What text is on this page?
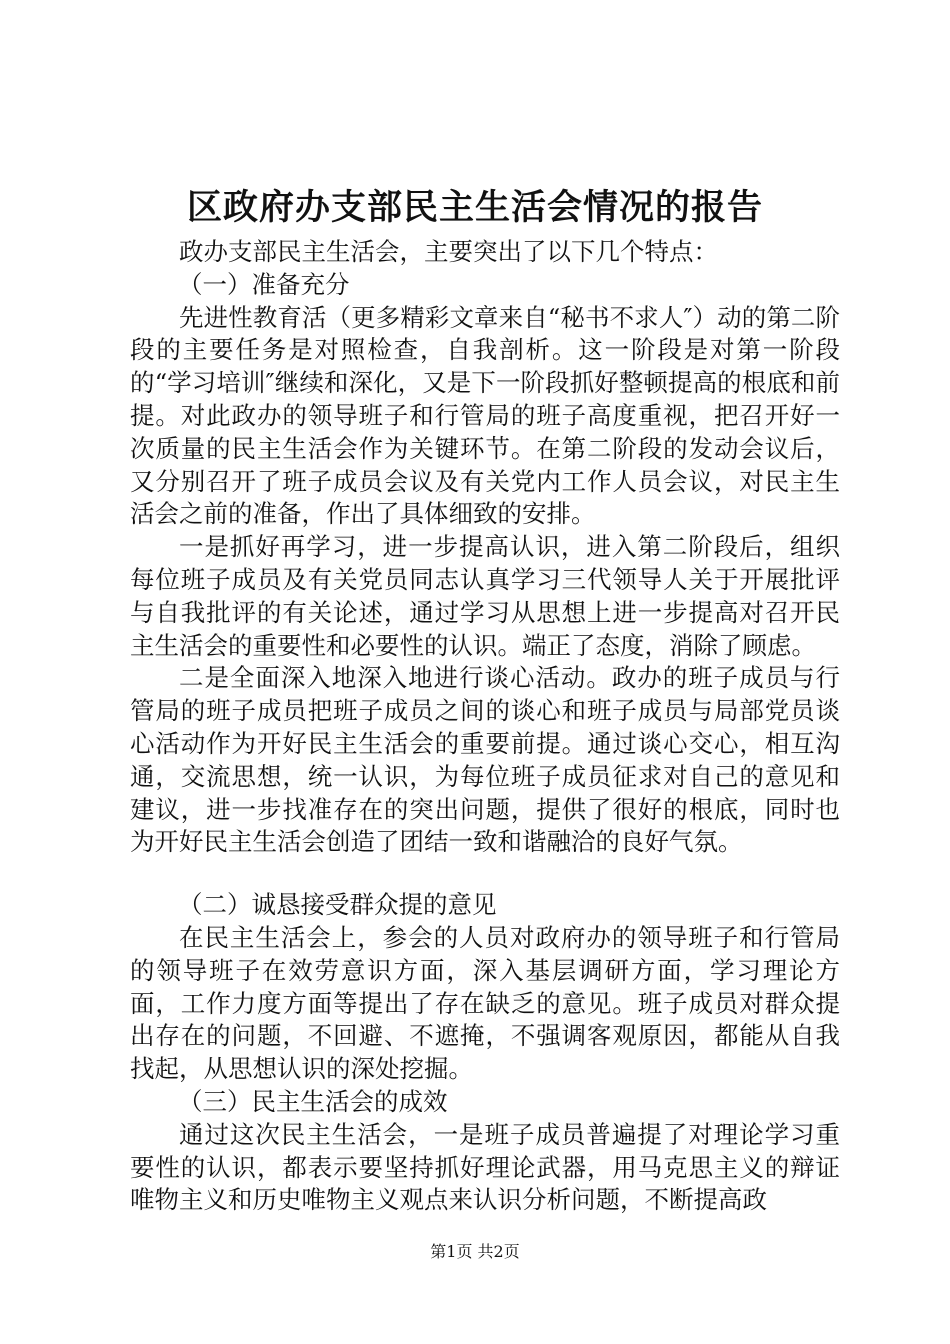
区政府办支部民主生活会情况的报告

政办支部民主生活会，主要突出了以下几个特点：

（一）准备充分

先进性教育活（更多精彩文章来自“秘书不求人″）动的第二阶段的主要任务是对照检查，自我剖析。这一阶段是对第一阶段的“学习培训″继续和深化，又是下一阶段抓好整顿提高的根底和前提。对此政办的领导班子和行管局的班子高度重视，把召开好一次质量的民主生活会作为关键环节。在第二阶段的发动会议后，又分别召开了班子成员会议及有关党内工作人员会议，对民主生活会之前的准备，作出了具体细致的安排。

一是抓好再学习，进一步提高认识，进入第二阶段后，组织每位班子成员及有关党员同志认真学习三代领导人关于开展批评与自我批评的有关论述，通过学习从思想上进一步提高对召开民主生活会的重要性和必要性的认识。端正了态度，消除了顾虑。

二是全面深入地深入地进行谈心活动。政办的班子成员与行管局的班子成员把班子成员之间的谈心和班子成员与局部党员谈心活动作为开好民主生活会的重要前提。通过谈心交心，相互沟通，交流思想，统一认识，为每位班子成员征求对自己的意见和建议，进一步找准存在的突出问题，提供了很好的根底，同时也为开好民主生活会创造了团结一致和谐融洽的良好气氛。

（二）诚恳接受群众提的意见

在民主生活会上，参会的人员对政府办的领导班子和行管局的领导班子在效劳意识方面，深入基层调研方面，学习理论方面，工作力度方面等提出了存在缺乏的意见。班子成员对群众提出存在的问题，不回避、不遮掩，不强调客观原因，都能从自我找起，从思想认识的深处挖掘。

（三）民主生活会的成效

通过这次民主生活会，一是班子成员普遍提了对理论学习重要性的认识，都表示要坚持抓好理论武器，用马克思主义的辩证唯物主义和历史唯物主义观点来认识分析问题，不断提高政

第1页 共2页
